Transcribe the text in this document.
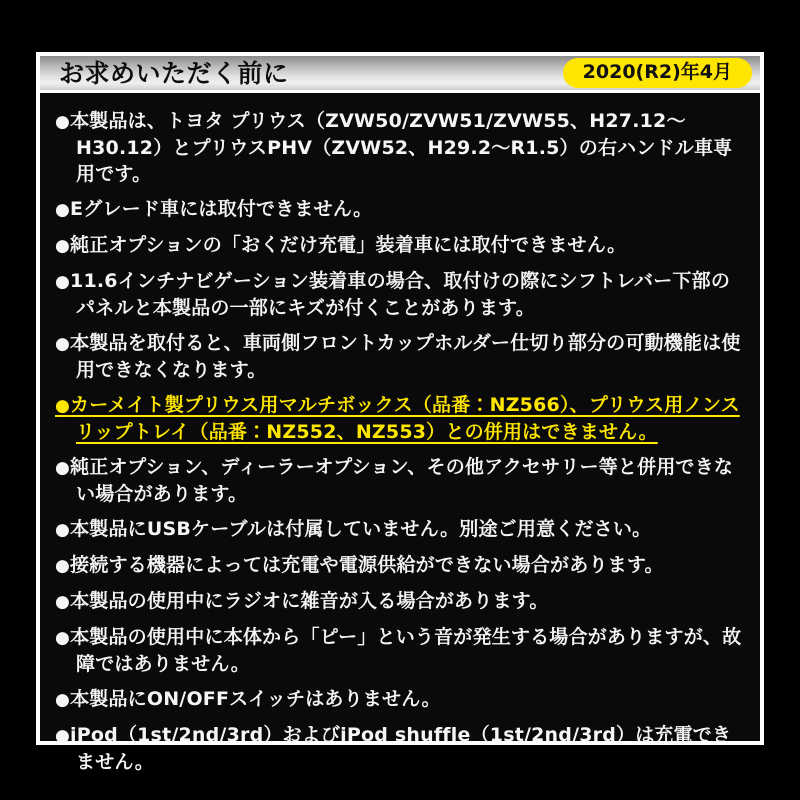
お求めいただく前に	2020(R2)年4月
●本製品は、トヨタ プリウス（ZVW50/ZVW51/ZVW55、H27.12～H30.12）とプリウスPHV（ZVW52、H29.2～R1.5）の右ハンドル車専用です。
●Eグレード車には取付できません。
●純正オプションの「おくだけ充電」装着車には取付できません。
●11.6インチナビゲーション装着車の場合、取付けの際にシフトレバー下部のパネルと本製品の一部にキズが付くことがあります。
●本製品を取付ると、車両側フロントカップホルダー仕切り部分の可動機能は使用できなくなります。
●カーメイト製プリウス用マルチボックス（品番：NZ566）、プリウス用ノンスリップトレイ（品番：NZ552、NZ553）との併用はできません。
●純正オプション、ディーラーオプション、その他アクセサリー等と併用できない場合があります。
●本製品にUSBケーブルは付属していません。別途ご用意ください。
●接続する機器によっては充電や電源供給ができない場合があります。
●本製品の使用中にラジオに雑音が入る場合があります。
●本製品の使用中に本体から「ピー」という音が発生する場合がありますが、故障ではありません。
●本製品にON/OFFスイッチはありません。
●iPod（1st/2nd/3rd）およびiPod shuffle（1st/2nd/3rd）は充電できません。
